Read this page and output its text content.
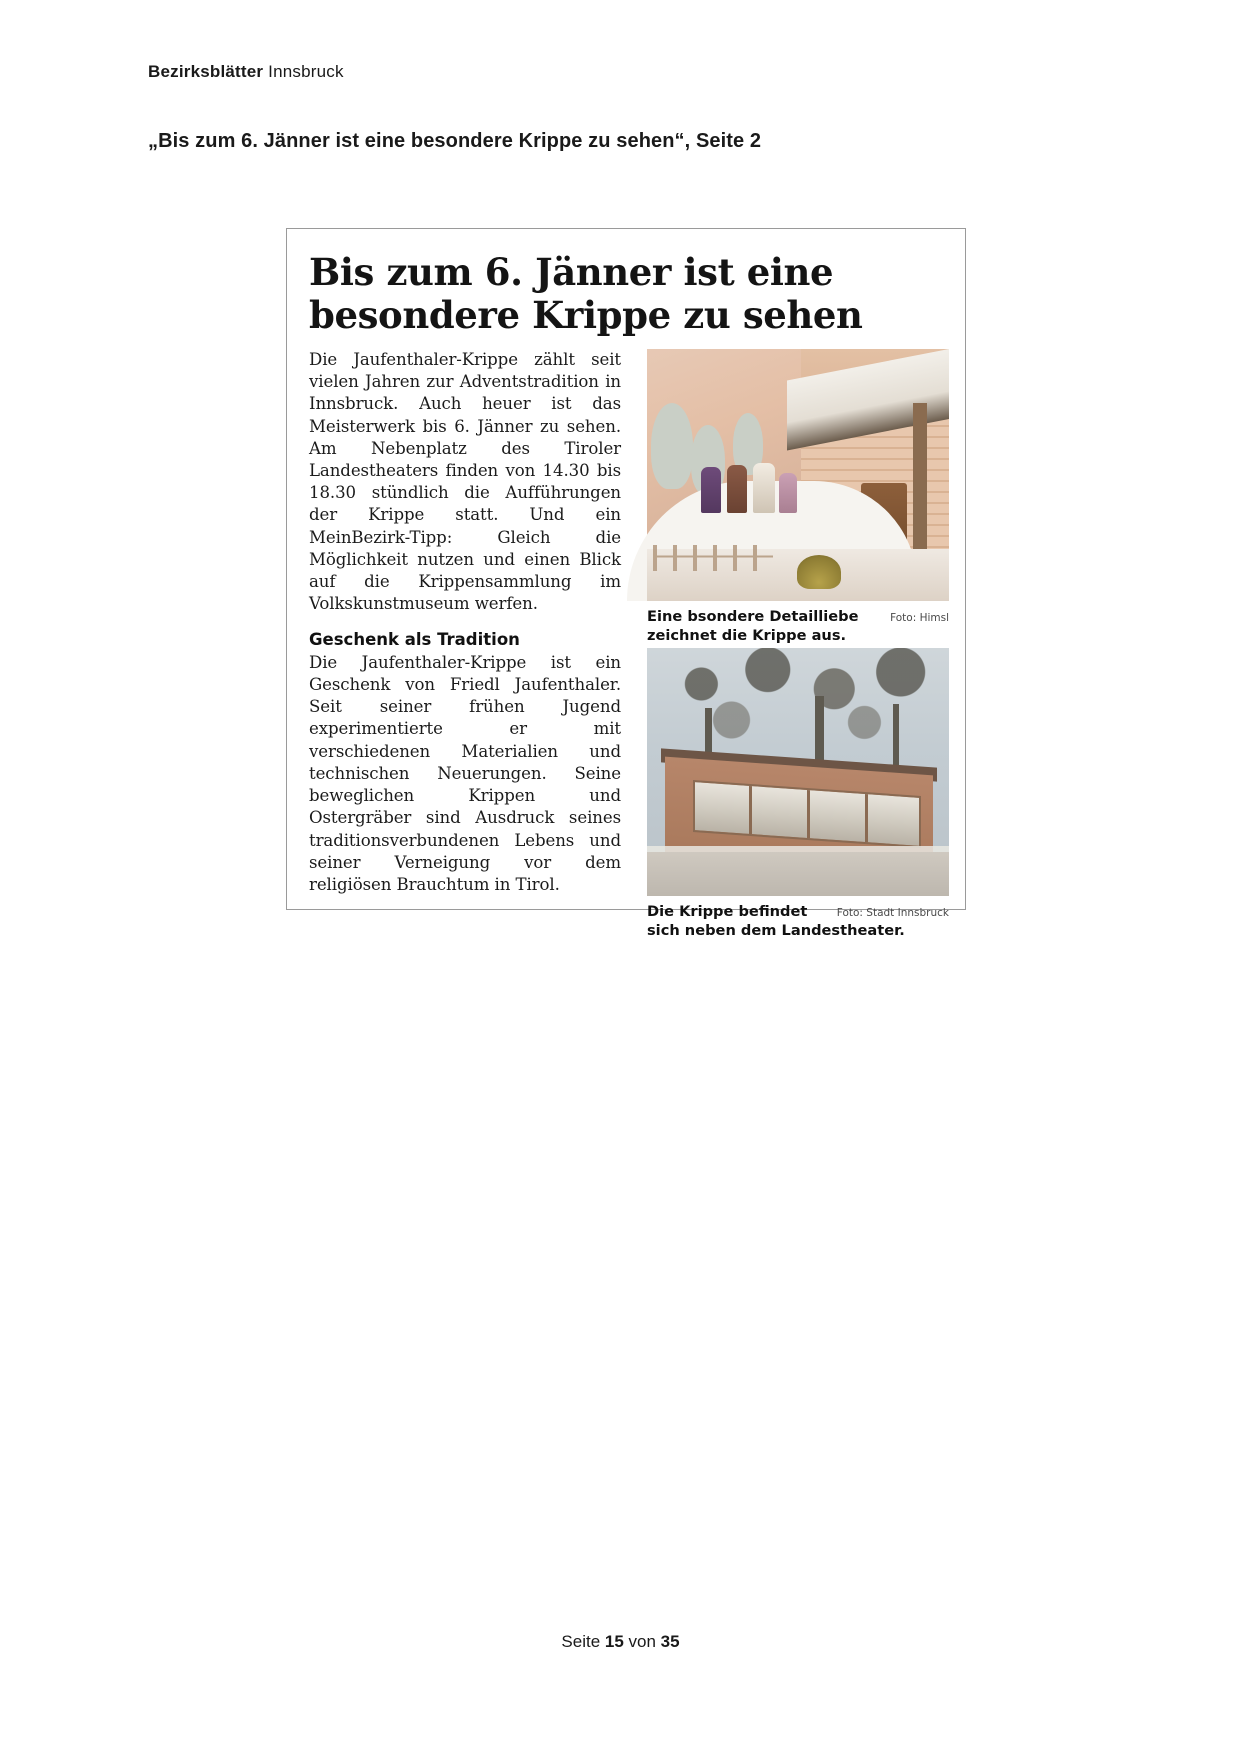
Bezirksblätter Innsbruck
„Bis zum 6. Jänner ist eine besondere Krippe zu sehen“, Seite 2
Bis zum 6. Jänner ist eine
besondere Krippe zu sehen

Die Jaufenthaler-Krippe zählt seit vielen Jahren zur Adventstradition in Innsbruck. Auch heuer ist das Meisterwerk bis 6. Jänner zu sehen. Am Nebenplatz des Tiroler Landestheaters finden von 14.30 bis 18.30 stündlich die Aufführungen der Krippe statt. Und ein MeinBezirk-Tipp: Gleich die Möglichkeit nutzen und einen Blick auf die Krippensammlung im Volkskunstmuseum werfen.

Geschenk als Tradition

Die Jaufenthaler-Krippe ist ein Geschenk von Friedl Jaufenthaler. Seit seiner frühen Jugend experimentierte er mit verschiedenen Materialien und technischen Neuerungen. Seine beweglichen Krippen und Ostergräber sind Ausdruck seines traditionsverbundenen Lebens und seiner Verneigung vor dem religiösen Brauchtum in Tirol.

Foto: Himsl
Eine bsondere Detailliebe zeichnet die Krippe aus.
Foto: Stadt Innsbruck
Die Krippe befindet sich neben dem Landestheater.
Seite 15 von 35
